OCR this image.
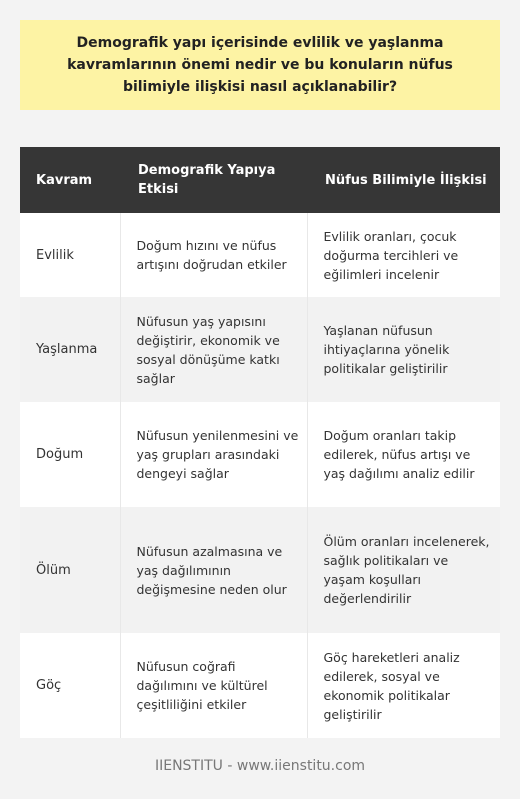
Demografik yapı içerisinde evlilik ve yaşlanma kavramlarının önemi nedir ve bu konuların nüfus bilimiyle ilişkisi nasıl açıklanabilir?
Kavram	Demografik Yapıya Etkisi	Nüfus Bilimiyle İlişkisi
Evlilik	Doğum hızını ve nüfus artışını doğrudan etkiler	Evlilik oranları, çocuk doğurma tercihleri ve eğilimleri incelenir
Yaşlanma	Nüfusun yaş yapısını değiştirir, ekonomik ve sosyal dönüşüme katkı sağlar	Yaşlanan nüfusun ihtiyaçlarına yönelik politikalar geliştirilir
Doğum	Nüfusun yenilenmesini ve yaş grupları arasındaki dengeyi sağlar	Doğum oranları takip edilerek, nüfus artışı ve yaş dağılımı analiz edilir
Ölüm	Nüfusun azalmasına ve yaş dağılımının değişmesine neden olur	Ölüm oranları incelenerek, sağlık politikaları ve yaşam koşulları değerlendirilir
Göç	Nüfusun coğrafi dağılımını ve kültürel çeşitliliğini etkiler	Göç hareketleri analiz edilerek, sosyal ve ekonomik politikalar geliştirilir
IIENSTITU - www.iienstitu.com
